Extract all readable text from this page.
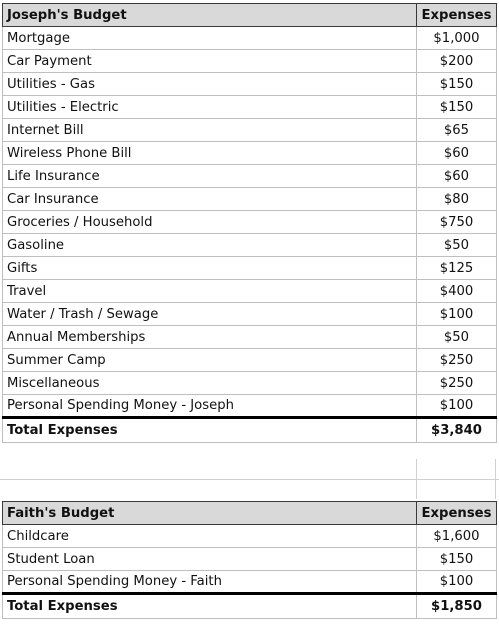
Joseph's Budget	Expenses
Mortgage	$1,000
Car Payment	$200
Utilities - Gas	$150
Utilities - Electric	$150
Internet Bill	$65
Wireless Phone Bill	$60
Life Insurance	$60
Car Insurance	$80
Groceries / Household	$750
Gasoline	$50
Gifts	$125
Travel	$400
Water / Trash / Sewage	$100
Annual Memberships	$50
Summer Camp	$250
Miscellaneous	$250
Personal Spending Money - Joseph	$100
Total Expenses	$3,840
Faith's Budget	Expenses
Childcare	$1,600
Student Loan	$150
Personal Spending Money - Faith	$100
Total Expenses	$1,850
